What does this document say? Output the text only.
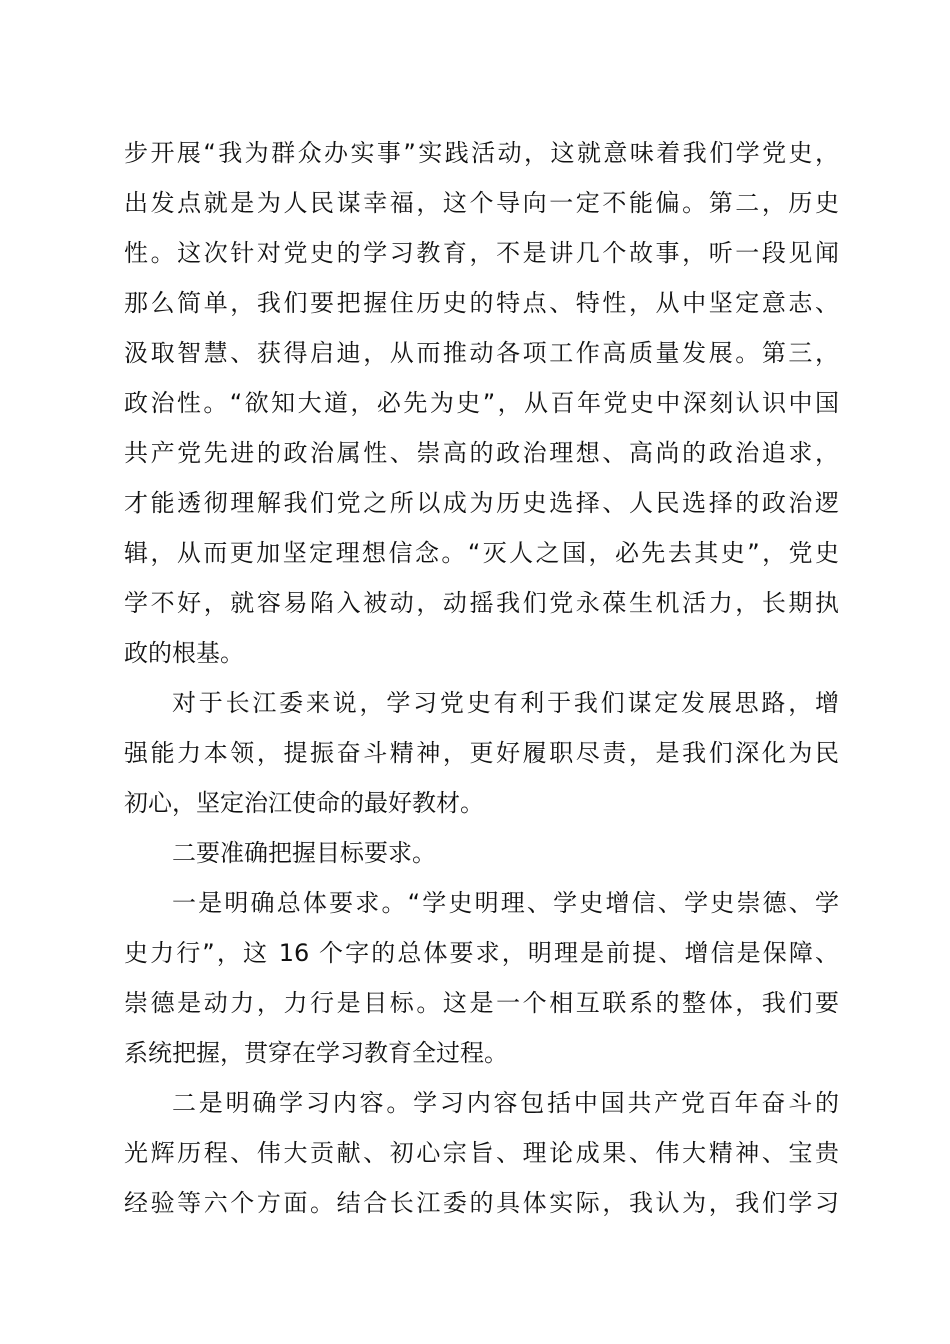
步开展“我为群众办实事”实践活动，这就意味着我们学党史，
出发点就是为人民谋幸福，这个导向一定不能偏。第二，历史
性。这次针对党史的学习教育，不是讲几个故事，听一段见闻
那么简单，我们要把握住历史的特点、特性，从中坚定意志、
汲取智慧、获得启迪，从而推动各项工作高质量发展。第三，
政治性。“欲知大道，必先为史”，从百年党史中深刻认识中国
共产党先进的政治属性、崇高的政治理想、高尚的政治追求，
才能透彻理解我们党之所以成为历史选择、人民选择的政治逻
辑，从而更加坚定理想信念。“灭人之国，必先去其史”，党史
学不好，就容易陷入被动，动摇我们党永葆生机活力，长期执
政的根基。
对于长江委来说，学习党史有利于我们谋定发展思路，增
强能力本领，提振奋斗精神，更好履职尽责，是我们深化为民
初心，坚定治江使命的最好教材。
二要准确把握目标要求。
一是明确总体要求。“学史明理、学史增信、学史崇德、学
史力行”，这 16 个字的总体要求，明理是前提、增信是保障、
崇德是动力，力行是目标。这是一个相互联系的整体，我们要
系统把握，贯穿在学习教育全过程。
二是明确学习内容。学习内容包括中国共产党百年奋斗的
光辉历程、伟大贡献、初心宗旨、理论成果、伟大精神、宝贵
经验等六个方面。结合长江委的具体实际，我认为，我们学习
